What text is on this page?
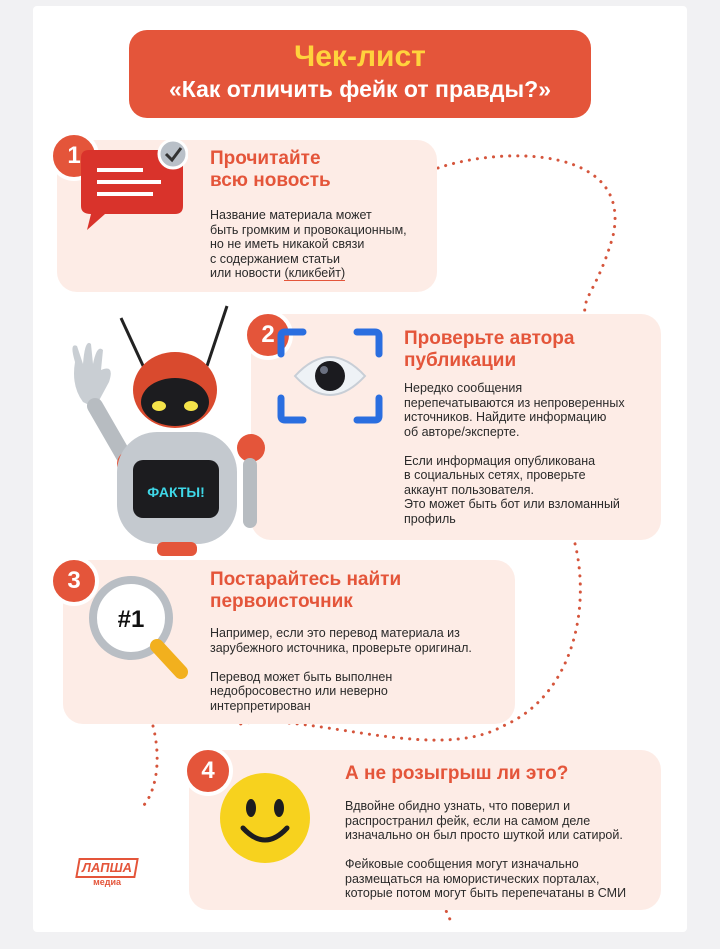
Чек-лист
«Как отличить фейк от правды?»
1	Прочитайте
всю новость
Название материала может
быть громким и провокационным,
но не иметь никакой связи
с содержанием статьи
или новости (кликбейт)
2	Проверьте автора
публикации
Нередко сообщения
перепечатываются из непроверенных
источников. Найдите информацию
об авторе/эксперте.

Если информация опубликована
в социальных сетях, проверьте
аккаунт пользователя.
Это может быть бот или взломанный
профиль
ФАКТЫ!
3
#1
Постарайтесь найти
первоисточник
Например, если это перевод материала из
зарубежного источника, проверьте оригинал.

Перевод может быть выполнен
недобросовестно или неверно
интерпретирован
4	А не розыгрыш ли это?
Вдвойне обидно узнать, что поверил и
распространил фейк, если на самом деле
изначально он был просто шуткой или сатирой.

Фейковые сообщения могут изначально
размещаться на юмористических порталах,
которые потом могут быть перепечатаны в СМИ
ЛАПША
медиа
